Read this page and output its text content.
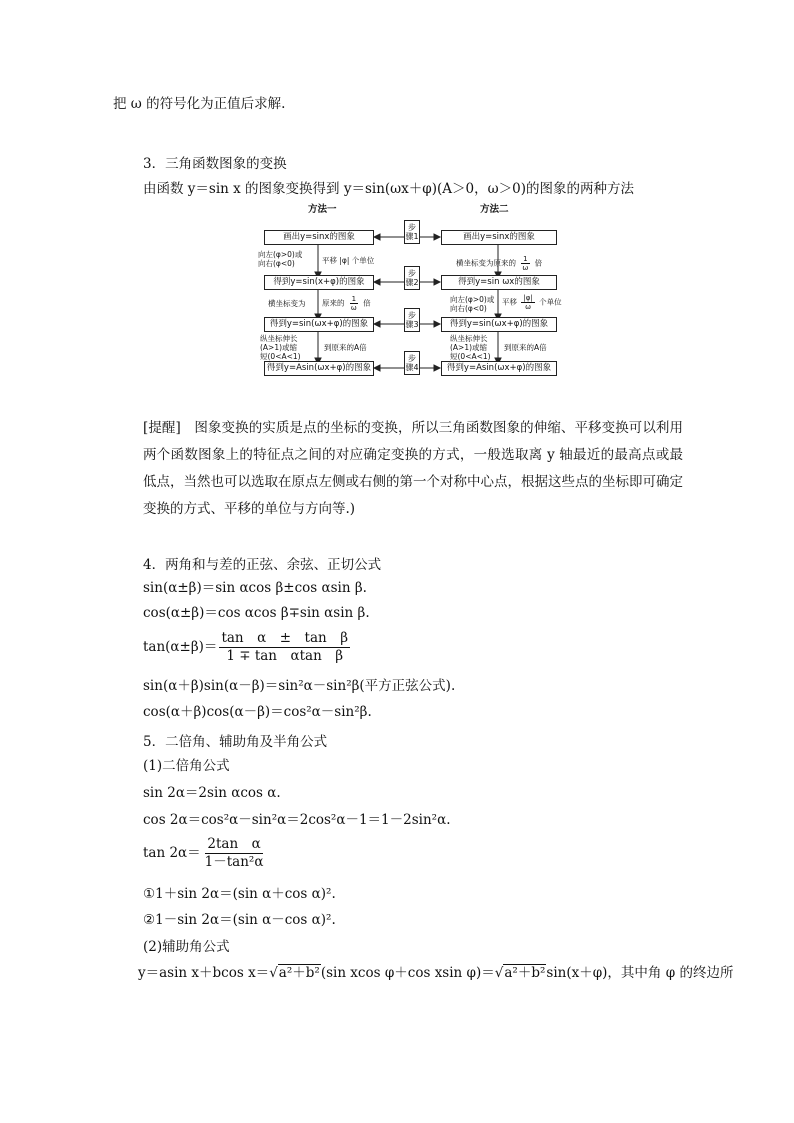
把 ω 的符号化为正值后求解.
3．三角函数图象的变换
由函数 y＝sin x 的图象变换得到 y＝sin(ωx＋φ)(A＞0，ω＞0)的图象的两种方法
方法一	方法二
步骤1
步骤2
步骤3
步骤4
画出y=sinx的图象
得到y=sin(x+φ)的图象
得到y=sin(ωx+φ)的图象
得到y=Asin(ωx+φ)的图象
画出y=sinx的图象
得到y=sin ωx的图象
得到y=sin(ωx+φ)的图象
得到y=Asin(ωx+φ)的图象
向左(φ>0)或
向右(φ<0)	平移 |φ| 个单位
横坐标变为 原来的 $\frac{1}{\omega}$ 倍
纵坐标伸长
(A>1)或缩
短(0<A<1)
到原来的A倍
横坐标变为原来的 $\frac{1}{\omega}$ 倍
向左(φ>0)或
向右(φ<0)
平移 $\frac{|\varphi|}{\omega}$ 个单位
纵坐标伸长
(A>1)或缩
短(0<A<1)
到原来的A倍
[提醒]　图象变换的实质是点的坐标的变换，所以三角函数图象的伸缩、平移变换可以利用两个函数图象上的特征点之间的对应确定变换的方式，一般选取离 y 轴最近的最高点或最低点，当然也可以选取在原点左侧或右侧的第一个对称中心点，根据这些点的坐标即可确定变换的方式、平移的单位与方向等.)
4．两角和与差的正弦、余弦、正切公式
sin(α±β)＝sin αcos β±cos αsin β.
cos(α±β)＝cos αcos β∓sin αsin β.
$\tan(\alpha\pm\beta)= \frac{\text{tan　α　±　tan　β}}{\text{1 ∓ tan　αtan　β}}$
sin(α＋β)sin(α－β)＝sin²α－sin²β(平方正弦公式).
cos(α＋β)cos(α－β)＝cos²α－sin²β.
5．二倍角、辅助角及半角公式
(1)二倍角公式
sin 2α＝2sin αcos α.
cos 2α＝cos²α－sin²α＝2cos²α－1＝1－2sin²α.
$\tan 2\alpha= \frac{\text{2tan　α}}{\text{1－tan²α}}$
①1＋sin 2α＝(sin α＋cos α)².
②1－sin 2α＝(sin α－cos α)².
(2)辅助角公式
y＝asin x＋bcos x＝√a²＋b²(sin xcos φ＋cos xsin φ)＝√a²＋b²sin(x＋φ)，其中角 φ 的终边所
